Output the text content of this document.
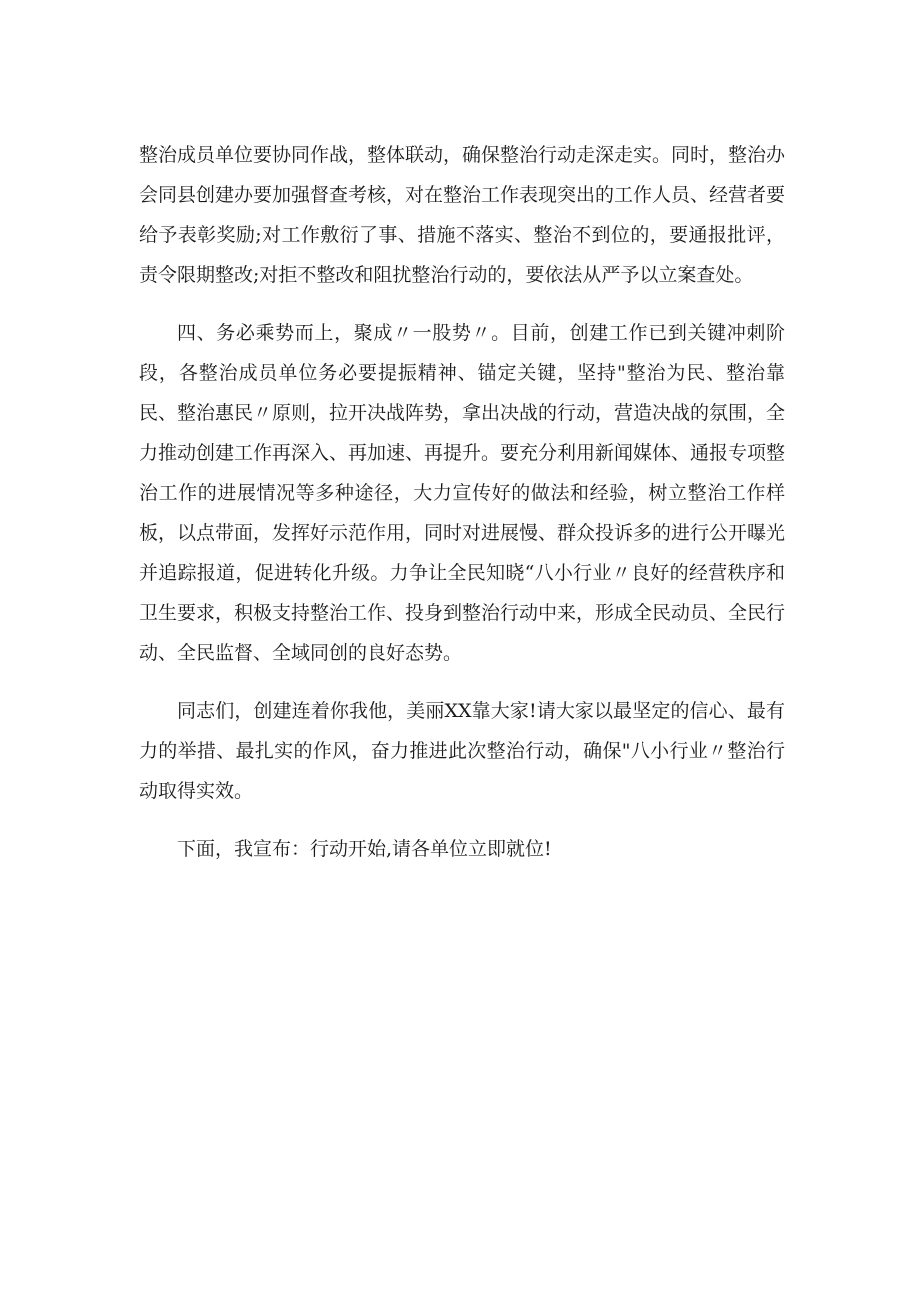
整治成员单位要协同作战，整体联动，确保整治行动走深走实。同时，整治办会同县创建办要加强督查考核，对在整治工作表现突出的工作人员、经营者要给予表彰奖励;对工作敷衍了事、措施不落实、整治不到位的，要通报批评，责令限期整改;对拒不整改和阻扰整治行动的，要依法从严予以立案查处。

四、务必乘势而上，聚成〃一股势〃。目前，创建工作已到关键冲刺阶段，各整治成员单位务必要提振精神、锚定关键，坚持"整治为民、整治靠民、整治惠民〃原则，拉开决战阵势，拿出决战的行动，营造决战的氛围，全力推动创建工作再深入、再加速、再提升。要充分利用新闻媒体、通报专项整治工作的进展情况等多种途径，大力宣传好的做法和经验，树立整治工作样板，以点带面，发挥好示范作用，同时对进展慢、群众投诉多的进行公开曝光并追踪报道，促进转化升级。力争让全民知晓“八小行业〃良好的经营秩序和卫生要求，积极支持整治工作、投身到整治行动中来，形成全民动员、全民行动、全民监督、全域同创的良好态势。

同志们，创建连着你我他，美丽XX靠大家!请大家以最坚定的信心、最有力的举措、最扎实的作风，奋力推进此次整治行动，确保"八小行业〃整治行动取得实效。

下面，我宣布：行动开始,请各单位立即就位!
